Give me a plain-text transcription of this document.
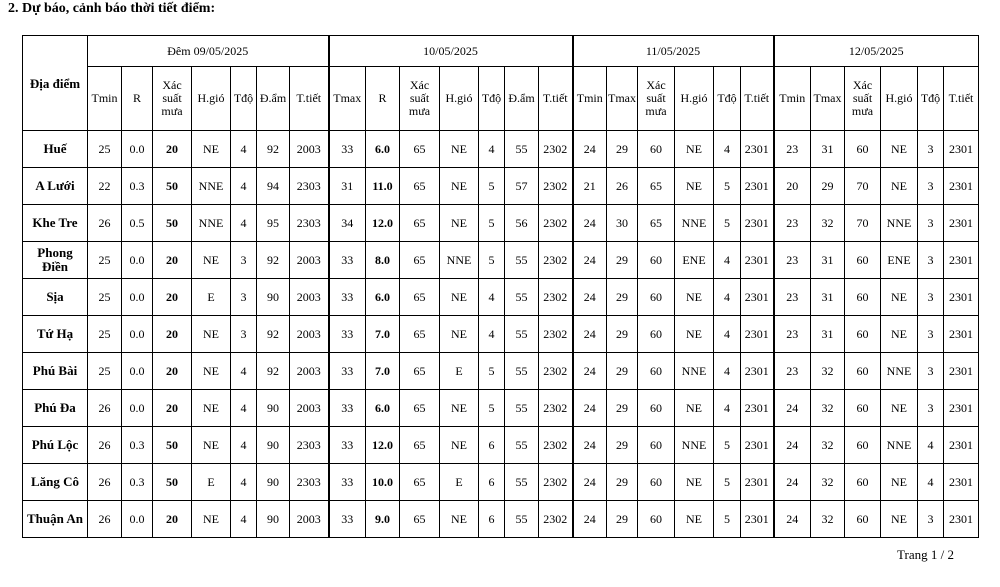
2. Dự báo, cảnh báo thời tiết điểm:
Địa điểm	Đêm 09/05/2025							10/05/2025							11/05/2025						12/05/2025					
	Tmin	R	Xác suất mưa	H.gió	Tđộ	Đ.ẩm	T.tiết	Tmax	R	Xác suất mưa	H.gió	Tđộ	Đ.ẩm	T.tiết	Tmin	Tmax	Xác suất mưa	H.gió	Tđộ	T.tiết	Tmin	Tmax	Xác suất mưa	H.gió	Tđộ	T.tiết
Huế	25	0.0	20	NE	4	92	2003	33	6.0	65	NE	4	55	2302	24	29	60	NE	4	2301	23	31	60	NE	3	2301
A Lưới	22	0.3	50	NNE	4	94	2303	31	11.0	65	NE	5	57	2302	21	26	65	NE	5	2301	20	29	70	NE	3	2301
Khe Tre	26	0.5	50	NNE	4	95	2303	34	12.0	65	NE	5	56	2302	24	30	65	NNE	5	2301	23	32	70	NNE	3	2301
Phong Điền	25	0.0	20	NE	3	92	2003	33	8.0	65	NNE	5	55	2302	24	29	60	ENE	4	2301	23	31	60	ENE	3	2301
Sịa	25	0.0	20	E	3	90	2003	33	6.0	65	NE	4	55	2302	24	29	60	NE	4	2301	23	31	60	NE	3	2301
Tứ Hạ	25	0.0	20	NE	3	92	2003	33	7.0	65	NE	4	55	2302	24	29	60	NE	4	2301	23	31	60	NE	3	2301
Phú Bài	25	0.0	20	NE	4	92	2003	33	7.0	65	E	5	55	2302	24	29	60	NNE	4	2301	23	32	60	NNE	3	2301
Phú Đa	26	0.0	20	NE	4	90	2003	33	6.0	65	NE	5	55	2302	24	29	60	NE	4	2301	24	32	60	NE	3	2301
Phú Lộc	26	0.3	50	NE	4	90	2303	33	12.0	65	NE	6	55	2302	24	29	60	NNE	5	2301	24	32	60	NNE	4	2301
Lăng Cô	26	0.3	50	E	4	90	2303	33	10.0	65	E	6	55	2302	24	29	60	NE	5	2301	24	32	60	NE	4	2301
Thuận An	26	0.0	20	NE	4	90	2003	33	9.0	65	NE	6	55	2302	24	29	60	NE	5	2301	24	32	60	NE	3	2301
Trang 1 / 2
